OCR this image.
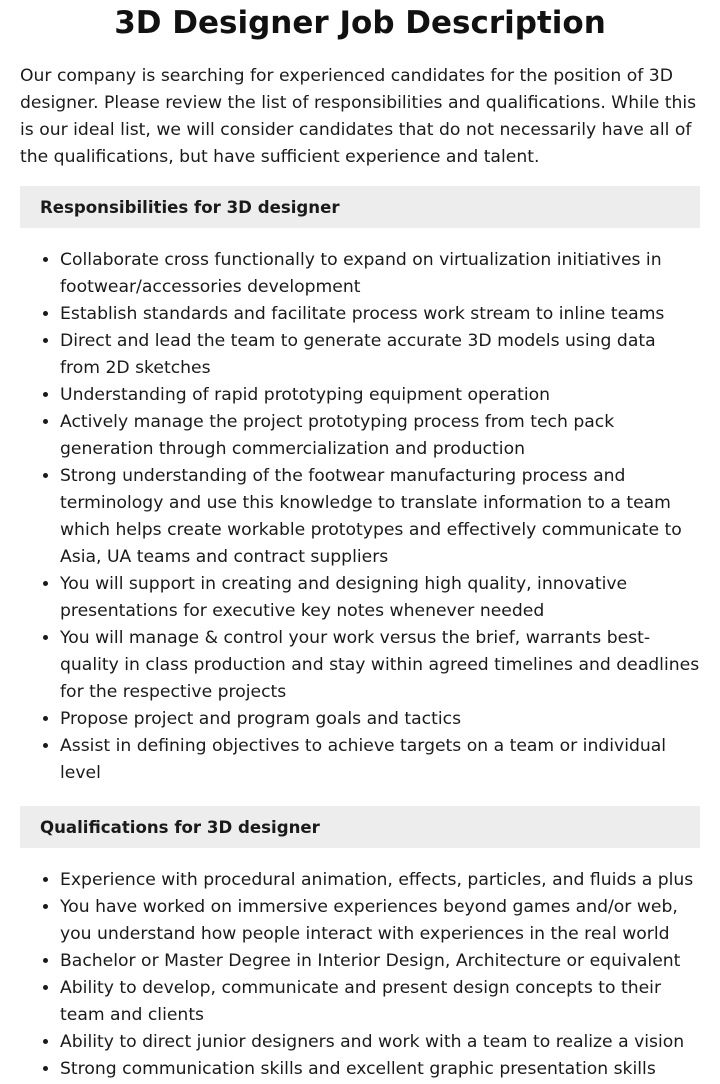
3D Designer Job Description

Our company is searching for experienced candidates for the position of 3D designer. Please review the list of responsibilities and qualifications. While this is our ideal list, we will consider candidates that do not necessarily have all of the qualifications, but have sufficient experience and talent.

Responsibilities for 3D designer
• Collaborate cross functionally to expand on virtualization initiatives in footwear/accessories development
• Establish standards and facilitate process work stream to inline teams
• Direct and lead the team to generate accurate 3D models using data from 2D sketches
• Understanding of rapid prototyping equipment operation
• Actively manage the project prototyping process from tech pack generation through commercialization and production
• Strong understanding of the footwear manufacturing process and terminology and use this knowledge to translate information to a team which helps create workable prototypes and effectively communicate to Asia, UA teams and contract suppliers
• You will support in creating and designing high quality, innovative presentations for executive key notes whenever needed
• You will manage & control your work versus the brief, warrants best-quality in class production and stay within agreed timelines and deadlines for the respective projects
• Propose project and program goals and tactics
• Assist in defining objectives to achieve targets on a team or individual level
Qualifications for 3D designer
• Experience with procedural animation, effects, particles, and fluids a plus
• You have worked on immersive experiences beyond games and/or web, you understand how people interact with experiences in the real world
• Bachelor or Master Degree in Interior Design, Architecture or equivalent
• Ability to develop, communicate and present design concepts to their team and clients
• Ability to direct junior designers and work with a team to realize a vision
• Strong communication skills and excellent graphic presentation skills
